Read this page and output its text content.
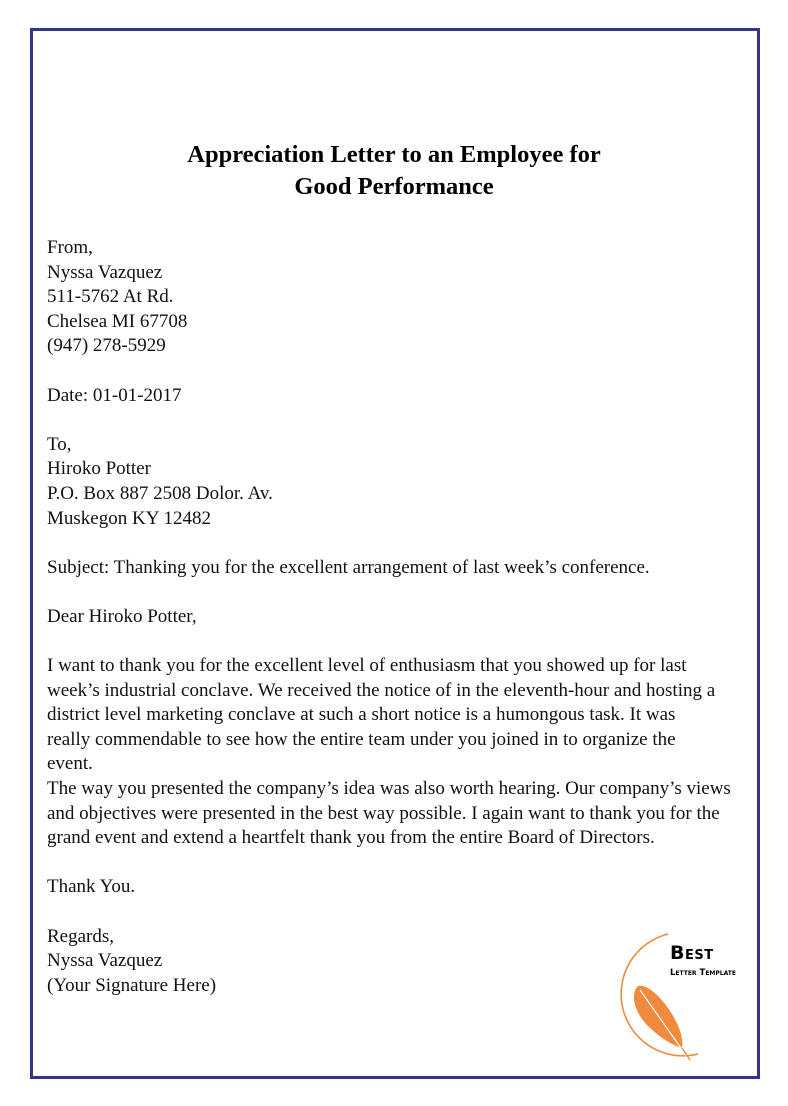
Appreciation Letter to an Employee for
Good Performance
From,
Nyssa Vazquez
511-5762 At Rd.
Chelsea MI 67708
(947) 278-5929
Date: 01-01-2017
To,
Hiroko Potter
P.O. Box 887 2508 Dolor. Av.
Muskegon KY 12482
Subject: Thanking you for the excellent arrangement of last week’s conference.
Dear Hiroko Potter,
I want to thank you for the excellent level of enthusiasm that you showed up for last week’s industrial conclave. We received the notice of in the eleventh-hour and hosting a district level marketing conclave at such a short notice is a humongous task. It was really commendable to see how the entire team under you joined in to organize the event.
The way you presented the company’s idea was also worth hearing. Our company’s views and objectives were presented in the best way possible. I again want to thank you for the grand event and extend a heartfelt thank you from the entire Board of Directors.
Thank You.
Regards,
Nyssa Vazquez
(Your Signature Here)
Best
Letter Template
